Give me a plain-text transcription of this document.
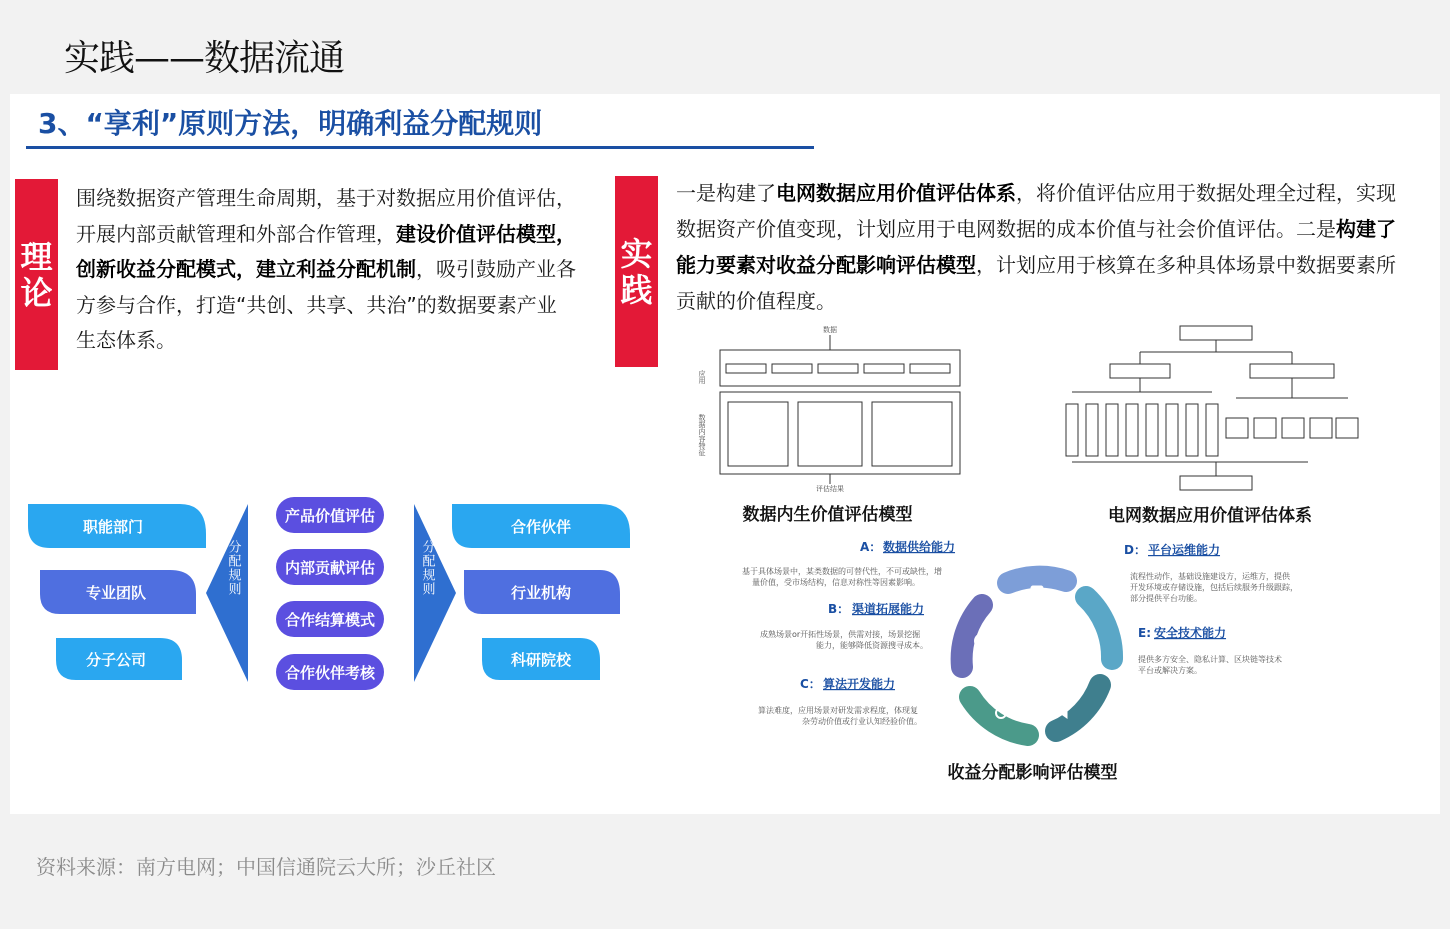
实践——数据流通
3、“享利”原则方法，明确利益分配规则
理
论
围绕数据资产管理生命周期，基于对数据应用价值评估，开展内部贡献管理和外部合作管理，建设价值评估模型，创新收益分配模式，建立利益分配机制，吸引鼓励产业各方参与合作，打造“共创、共享、共治”的数据要素产业生态体系。
实
践
一是构建了电网数据应用价值评估体系，将价值评估应用于数据处理全过程，实现数据资产价值变现，计划应用于电网数据的成本价值与社会价值评估。二是构建了能力要素对收益分配影响评估模型，计划应用于核算在多种具体场景中数据要素所贡献的价值程度。
职能部门
专业团队
分子公司
分配规则	分配规则
合作伙伴
行业机构
科研院校
产品价值评估
内部贡献评估
合作结算模式
合作伙伴考核
数据
应用
数据内容特征
评估结果
数据内生价值评估模型	电网数据应用价值评估体系
A： 数据供给能力
基于具体场景中，某类数据的可替代性，不可或缺性，增
量价值，受市场结构，信息对称性等因素影响。
B： 渠道拓展能力
成熟场景or开拓性场景，供需对接，场景挖掘
能力，能够降低资源搜寻成本。
C： 算法开发能力
算法难度，应用场景对研发需求程度，体现复
杂劳动价值或行业认知经验价值。
D： 平台运维能力
流程性动作，基础设施建设方，运维方，提供
开发环境或存储设施，包括后续服务升级跟踪，
部分提供平台功能。
E: 安全技术能力
提供多方安全、隐私计算、区块链等技术
平台或解决方案。
收益分配影响评估模型
资料来源：南方电网；中国信通院云大所；沙丘社区
